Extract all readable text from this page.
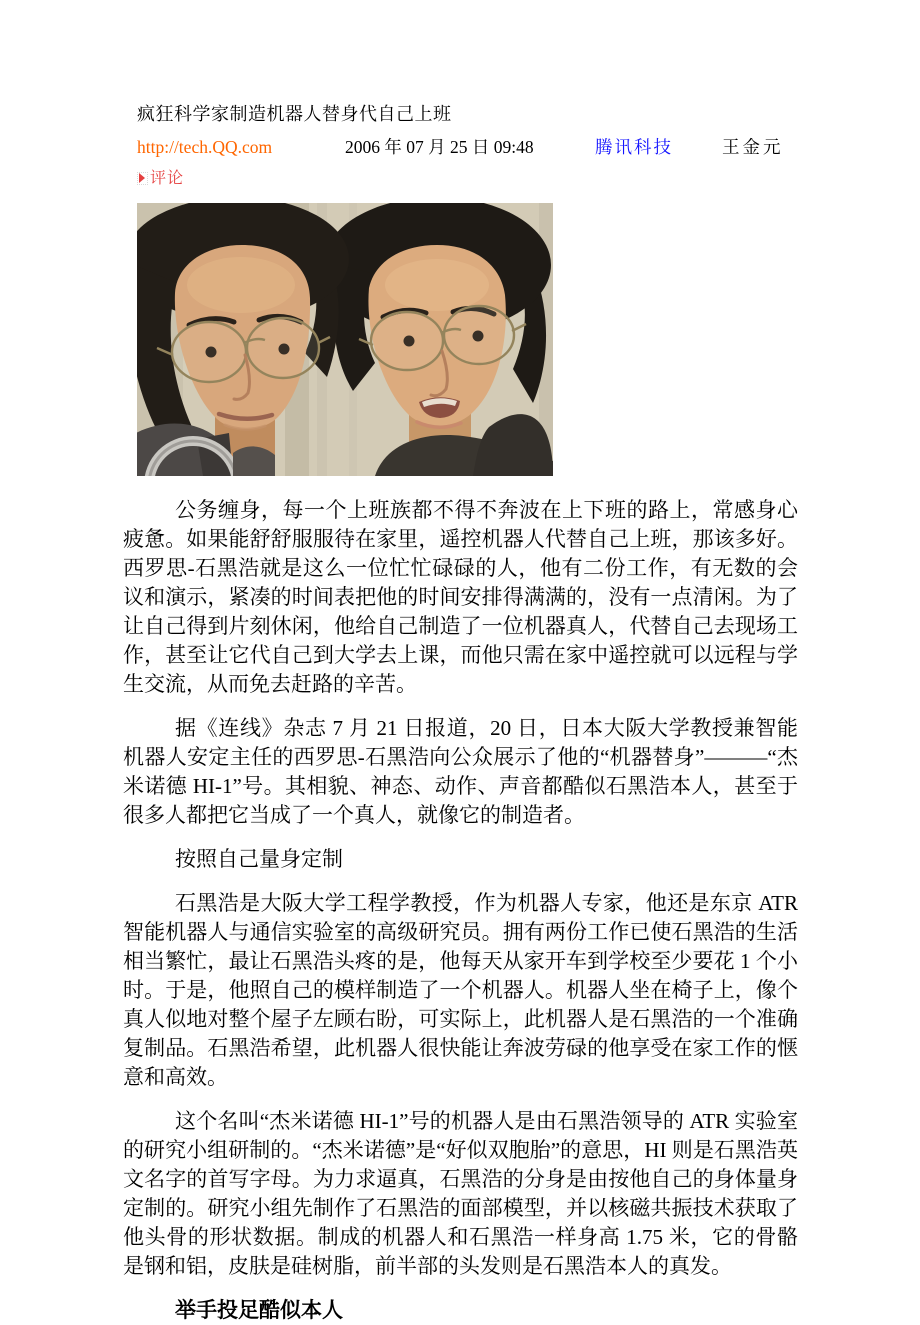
疯狂科学家制造机器人替身代自己上班
http://tech.QQ.com	2006 年 07 月 25 日 09:48	腾讯科技	王金元
评论

公务缠身，每一个上班族都不得不奔波在上下班的路上，常感身心疲惫。如果能舒舒服服待在家里，遥控机器人代替自己上班，那该多好。西罗思-石黑浩就是这么一位忙忙碌碌的人，他有二份工作，有无数的会议和演示，紧凑的时间表把他的时间安排得满满的，没有一点清闲。为了让自己得到片刻休闲，他给自己制造了一位机器真人，代替自己去现场工作，甚至让它代自己到大学去上课，而他只需在家中遥控就可以远程与学生交流，从而免去赶路的辛苦。

据《连线》杂志 7 月 21 日报道，20 日，日本大阪大学教授兼智能机器人安定主任的西罗思-石黑浩向公众展示了他的“机器替身”———“杰米诺德 HI-1”号。其相貌、神态、动作、声音都酷似石黑浩本人，甚至于很多人都把它当成了一个真人，就像它的制造者。

按照自己量身定制

石黑浩是大阪大学工程学教授，作为机器人专家，他还是东京 ATR 智能机器人与通信实验室的高级研究员。拥有两份工作已使石黑浩的生活相当繁忙，最让石黑浩头疼的是，他每天从家开车到学校至少要花 1 个小时。于是，他照自己的模样制造了一个机器人。机器人坐在椅子上，像个真人似地对整个屋子左顾右盼，可实际上，此机器人是石黑浩的一个准确复制品。石黑浩希望，此机器人很快能让奔波劳碌的他享受在家工作的惬意和高效。

这个名叫“杰米诺德 HI-1”号的机器人是由石黑浩领导的 ATR 实验室的研究小组研制的。“杰米诺德”是“好似双胞胎”的意思，HI 则是石黑浩英文名字的首写字母。为力求逼真，石黑浩的分身是由按他自己的身体量身定制的。研究小组先制作了石黑浩的面部模型，并以核磁共振技术获取了他头骨的形状数据。制成的机器人和石黑浩一样身高 1.75 米，它的骨骼是钢和铝，皮肤是硅树脂，前半部的头发则是石黑浩本人的真发。

举手投足酷似本人
